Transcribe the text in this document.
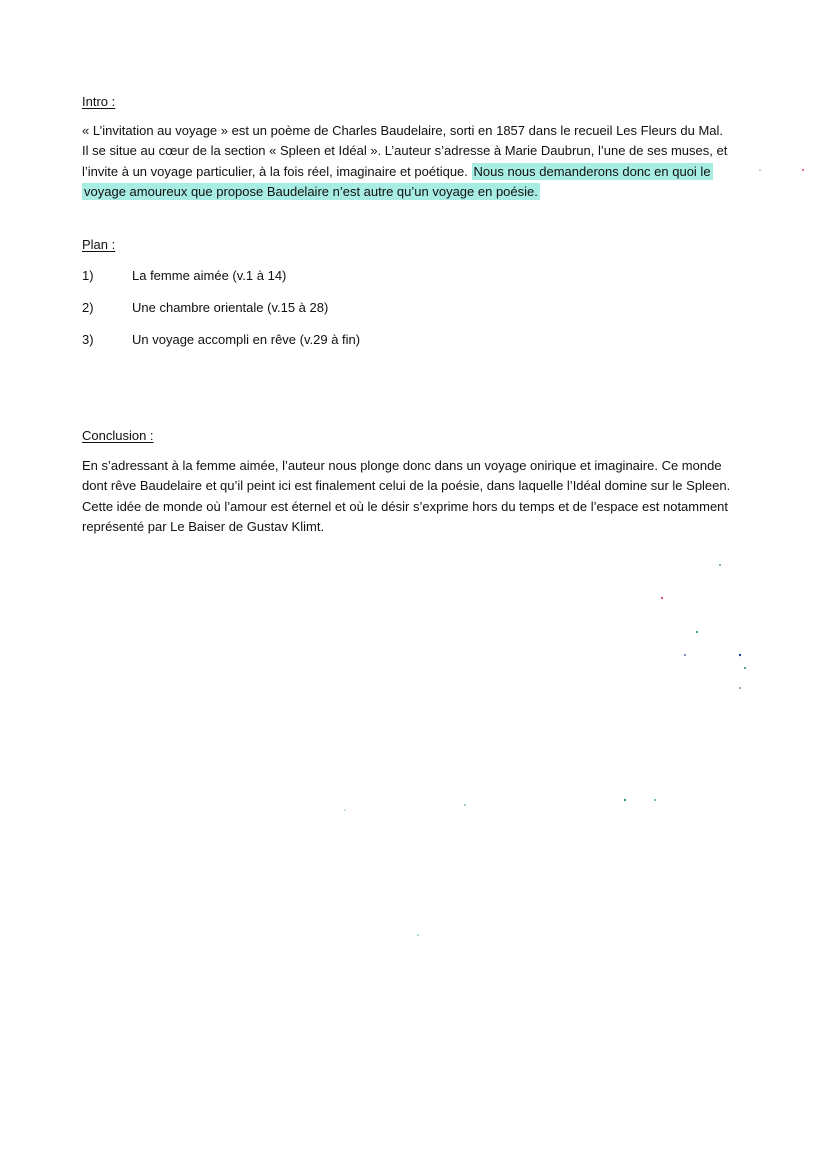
Intro :
« L’invitation au voyage » est un poème de Charles Baudelaire, sorti en 1857 dans le recueil Les Fleurs du Mal. Il se situe au cœur de la section « Spleen et Idéal ». L’auteur s’adresse à Marie Daubrun, l’une de ses muses, et l’invite à un voyage particulier, à la fois réel, imaginaire et poétique. Nous nous demanderons donc en quoi le voyage amoureux que propose Baudelaire n’est autre qu’un voyage en poésie.
Plan :
1)	La femme aimée (v.1 à 14)
2)	Une chambre orientale (v.15 à 28)
3)	Un voyage accompli en rêve (v.29 à fin)
Conclusion :
En s’adressant à la femme aimée, l’auteur nous plonge donc dans un voyage onirique et imaginaire. Ce monde dont rêve Baudelaire et qu’il peint ici est finalement celui de la poésie, dans laquelle l’Idéal domine sur le Spleen. Cette idée de monde où l’amour est éternel et où le désir s’exprime hors du temps et de l’espace est notamment représenté par Le Baiser de Gustav Klimt.
